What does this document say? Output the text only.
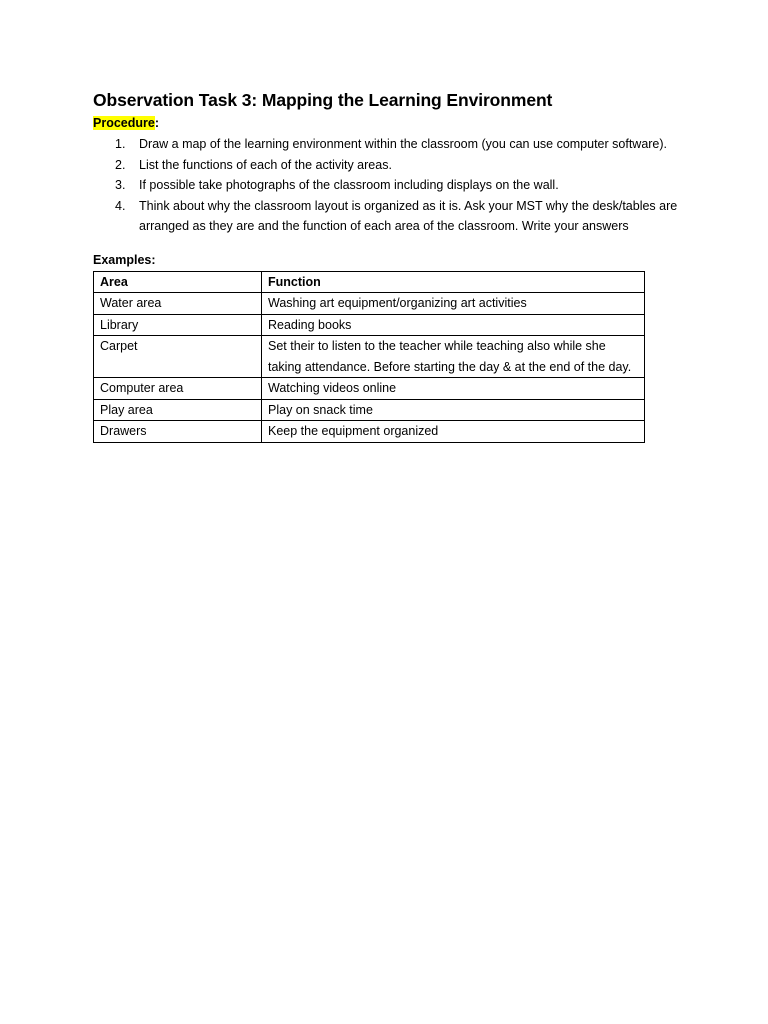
Observation Task 3: Mapping the Learning Environment
Procedure:
1. Draw a map of the learning environment within the classroom (you can use computer software).
2. List the functions of each of the activity areas.
3. If possible take photographs of the classroom including displays on the wall.
4. Think about why the classroom layout is organized as it is. Ask your MST why the desk/tables are arranged as they are and the function of each area of the classroom. Write your answers
Examples:
Area	Function
Water area	Washing art equipment/organizing art activities
Library	Reading books
Carpet	Set their to listen to the teacher while teaching also while she taking attendance. Before starting the day & at the end of the day.
Computer area	Watching videos online
Play area	Play on snack time
Drawers	Keep the equipment organized
